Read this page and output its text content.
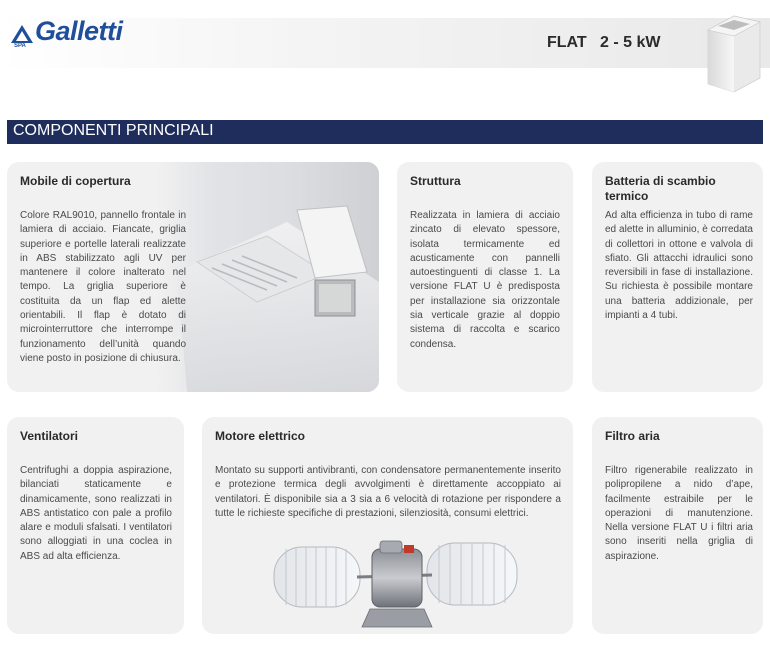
SPA Galletti	FLAT   2 - 5 kW
COMPONENTI PRINCIPALI
Mobile di copertura

Colore RAL9010, pannello frontale in lamiera di acciaio. Fiancate, griglia superiore e portelle laterali realizzate in ABS stabilizzato agli UV per mantenere il colore inalterato nel tempo. La griglia superiore è costituita da un flap ed alette orientabili. Il flap è dotato di microinterruttore che interrompe il funzionamento dell’unità quando viene posto in posizione di chiusura.

Struttura

Realizzata in lamiera di acciaio zincato di elevato spessore, isolata termicamente ed acusticamente con pannelli autoestinguenti di classe 1. La versione FLAT U è predisposta per installazione sia orizzontale sia verticale grazie al doppio sistema di raccolta e scarico condensa.

Batteria di scambio termico

Ad alta efficienza in tubo di rame ed alette in alluminio, è corredata di collettori in ottone e valvola di sfiato. Gli attacchi idraulici sono reversibili in fase di installazione. Su richiesta è possibile montare una batteria addizionale, per impianti a 4 tubi.

Ventilatori

Centrifughi a doppia aspirazione, bilanciati staticamente e dinamicamente, sono realizzati in ABS antistatico con pale a profilo alare e moduli sfalsati. I ventilatori sono alloggiati in una coclea in ABS ad alta efficienza.

Motore elettrico

Montato su supporti antivibranti, con condensatore permanentemente inserito e protezione termica degli avvolgimenti è direttamente accoppiato ai ventilatori. È disponibile sia a 3 sia a 6 velocità di rotazione per rispondere a tutte le richieste specifiche di prestazioni, silenziosità, consumi elettrici.

Filtro aria

Filtro rigenerabile realizzato in polipropilene a nido d’ape, facilmente estraibile per le operazioni di manutenzione. Nella versione FLAT U i filtri aria sono inseriti nella griglia di aspirazione.
